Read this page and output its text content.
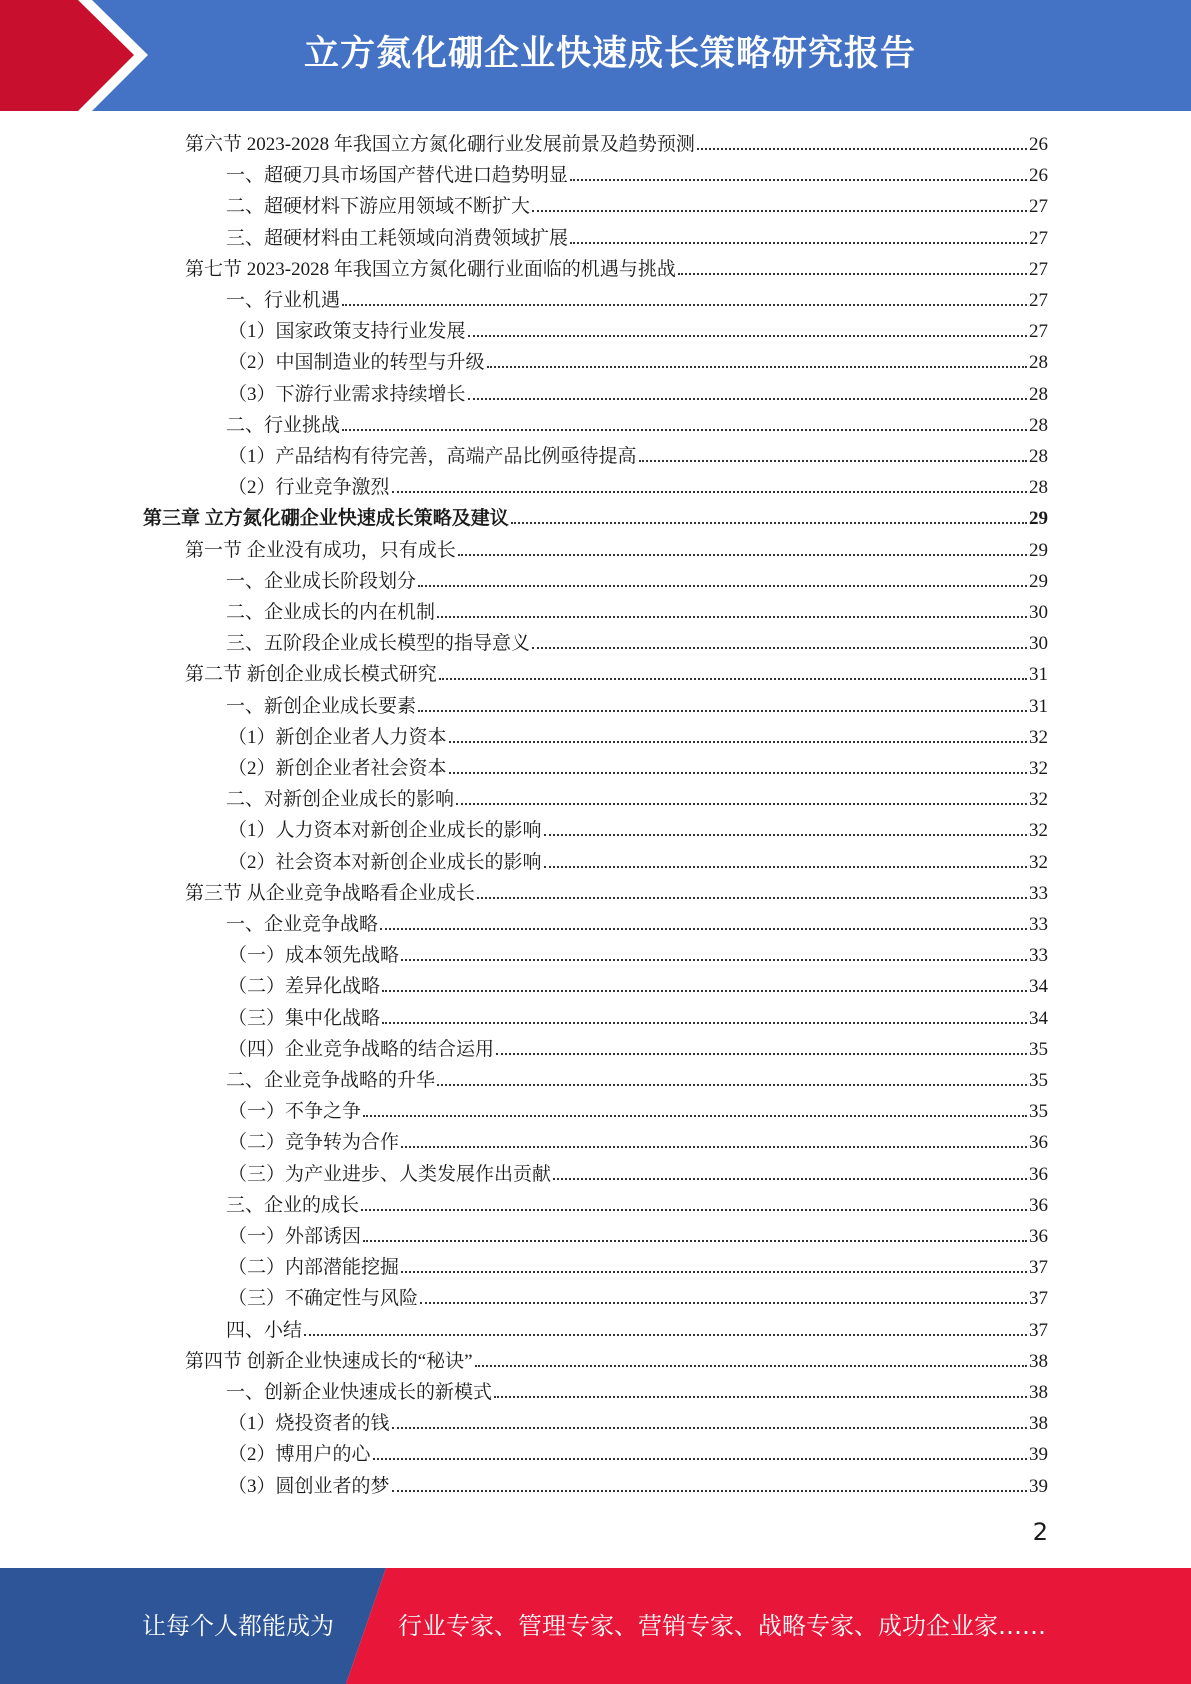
立方氮化硼企业快速成长策略研究报告
第六节 2023-2028 年我国立方氮化硼行业发展前景及趋势预测	26
一、超硬刀具市场国产替代进口趋势明显	26
二、超硬材料下游应用领域不断扩大	27
三、超硬材料由工耗领域向消费领域扩展	27
第七节 2023-2028 年我国立方氮化硼行业面临的机遇与挑战	27
一、行业机遇	27
（1）国家政策支持行业发展	27
（2）中国制造业的转型与升级	28
（3）下游行业需求持续增长	28
二、行业挑战	28
（1）产品结构有待完善，高端产品比例亟待提高	28
（2）行业竞争激烈	28
第三章 立方氮化硼企业快速成长策略及建议	29
第一节 企业没有成功，只有成长	29
一、企业成长阶段划分	29
二、企业成长的内在机制	30
三、五阶段企业成长模型的指导意义	30
第二节 新创企业成长模式研究	31
一、新创企业成长要素	31
（1）新创企业者人力资本	32
（2）新创企业者社会资本	32
二、对新创企业成长的影响	32
（1）人力资本对新创企业成长的影响	32
（2）社会资本对新创企业成长的影响	32
第三节 从企业竞争战略看企业成长	33
一、企业竞争战略	33
（一）成本领先战略	33
（二）差异化战略	34
（三）集中化战略	34
（四）企业竞争战略的结合运用	35
二、企业竞争战略的升华	35
（一）不争之争	35
（二）竞争转为合作	36
（三）为产业进步、人类发展作出贡献	36
三、企业的成长	36
（一）外部诱因	36
（二）内部潜能挖掘	37
（三）不确定性与风险	37
四、小结	37
第四节 创新企业快速成长的“秘诀”	38
一、创新企业快速成长的新模式	38
（1）烧投资者的钱	38
（2）博用户的心	39
（3）圆创业者的梦	39
2
让每个人都能成为	行业专家、管理专家、营销专家、战略专家、成功企业家……
